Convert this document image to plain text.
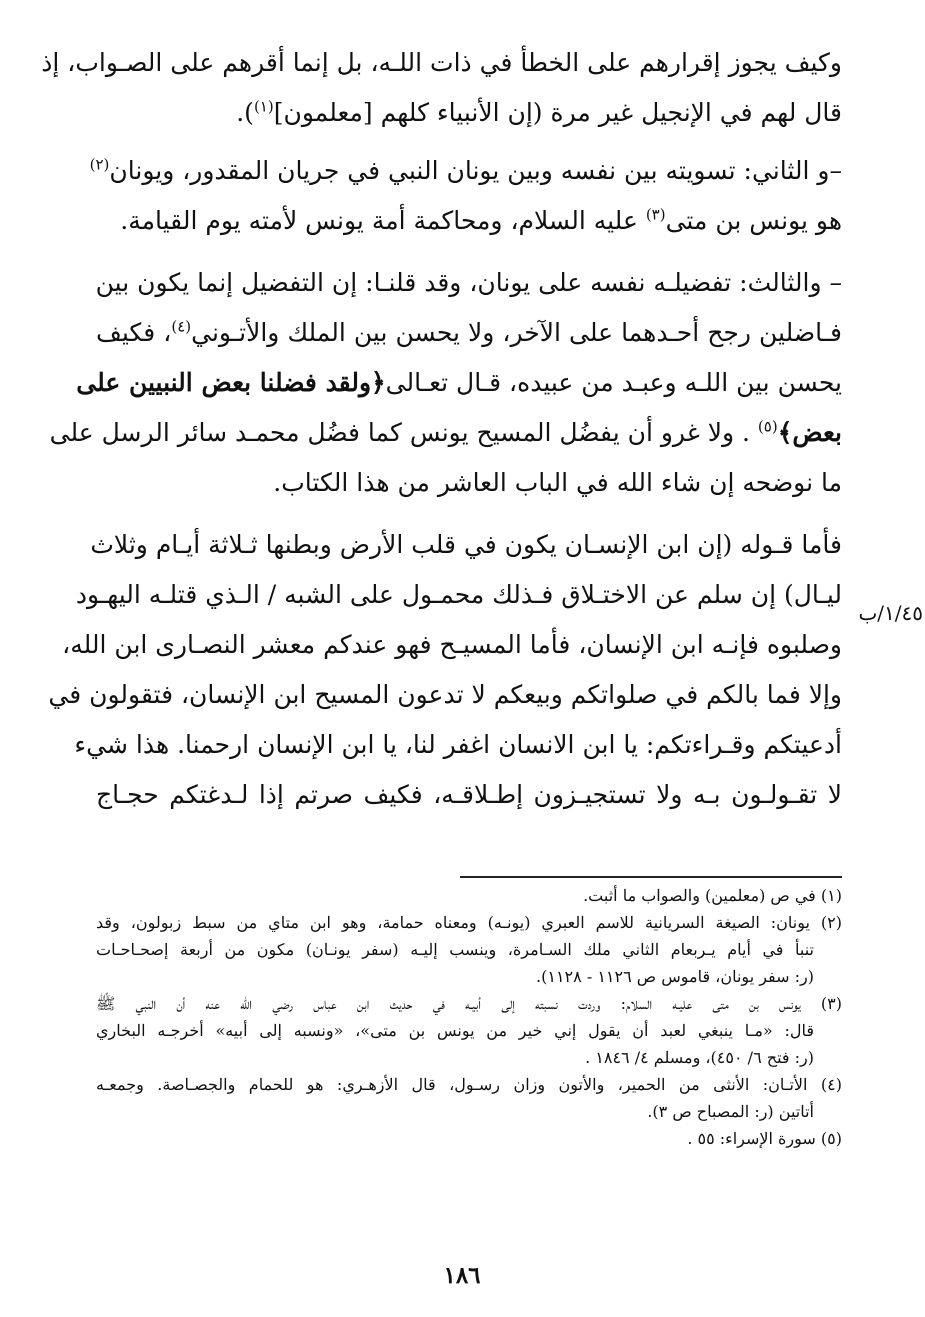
وكيف يجوز إقرارهم على الخطأ في ذات اللـه، بل إنما أقرهم على الصـواب، إذ
قال لهم في الإنجيل غير مرة (إن الأنبياء كلهم [معلمون]$^{(١)}$).
–و الثاني: تسويته بين نفسه وبين يونان النبي في جريان المقدور، ويونان$^{(٢)}$
هو يونس بن متى$^{(٣)}$ عليه السلام، ومحاكمة أمة يونس لأمته يوم القيامة.
– والثالث: تفضيلـه نفسه على يونان، وقد قلنـا: إن التفضيل إنما يكون بين
فـاضلين رجح أحـدهما على الآخر، ولا يحسن بين الملك والأتـوني$^{(٤)}$، فكيف
يحسن بين اللـه وعبـد من عبيده، قـال تعـالى﴿ولقد فضلنا بعض النبيين على
بعض﴾$^{(٥)}$ . ولا غرو أن يفضُل المسيح يونس كما فضُل محمـد سائر الرسل على
ما نوضحه إن شاء الله في الباب العاشر من هذا الكتاب.
فأما قـوله (إن ابن الإنسـان يكون في قلب الأرض وبطنها ثـلاثة أيـام وثلاث
ليـال) إن سلم عن الاختـلاق فـذلك محمـول على الشبه / الـذي قتلـه اليهـود
وصلبوه فإنـه ابن الإنسان، فأما المسيـح فهو عندكم معشر النصـارى ابن الله،
وإلا فما بالكم في صلواتكم وبيعكم لا تدعون المسيح ابن الإنسان، فتقولون في
أدعيتكم وقـراءتكم: يا ابن الانسان اغفر لنا، يا ابن الإنسان ارحمنا. هذا شيء
لا تقـولـون بـه ولا تستجيـزون إطـلاقـه، فكيف صرتم إذا لـدغتكم حجـاج
١/٤٥/ب
(١) في ص (معلمين) والصواب ما أثبت.
(٢) يونان: الصيغة السريانية للاسم العبري (يونـه) ومعناه حمامة، وهو ابن متاي من سبط زبولون، وقد
تنبأ في أيام يـربعام الثاني ملك السـامرة، وينسب إليـه (سفر يونـان) مكون من أربعة إصحـاحـات
(ر: سفر يونان، قاموس ص ١١٢٦ - ١١٢٨).
(٣) يونس بن متى عليـه السلام: وردت نسبته إلى أبيـه في حديث ابن عباس رضي الله عنه أن النبي ﷺ
قال: «مـا ينبغي لعبد أن يقول إني خير من يونس بن متى»، «ونسبه إلى أبيه» أخرجـه البخاري
(ر: فتح ٦/ ٤٥٠)، ومسلم ٤/ ١٨٤٦ .
(٤) الأتـان: الأنثى من الحمير، والأتون وزان رسـول، قال الأزهـري: هو للحمام والجصـاصة. وجمعـه
أتاتين (ر: المصباح ص ٣).
(٥) سورة الإسراء: ٥٥ .
١٨٦
